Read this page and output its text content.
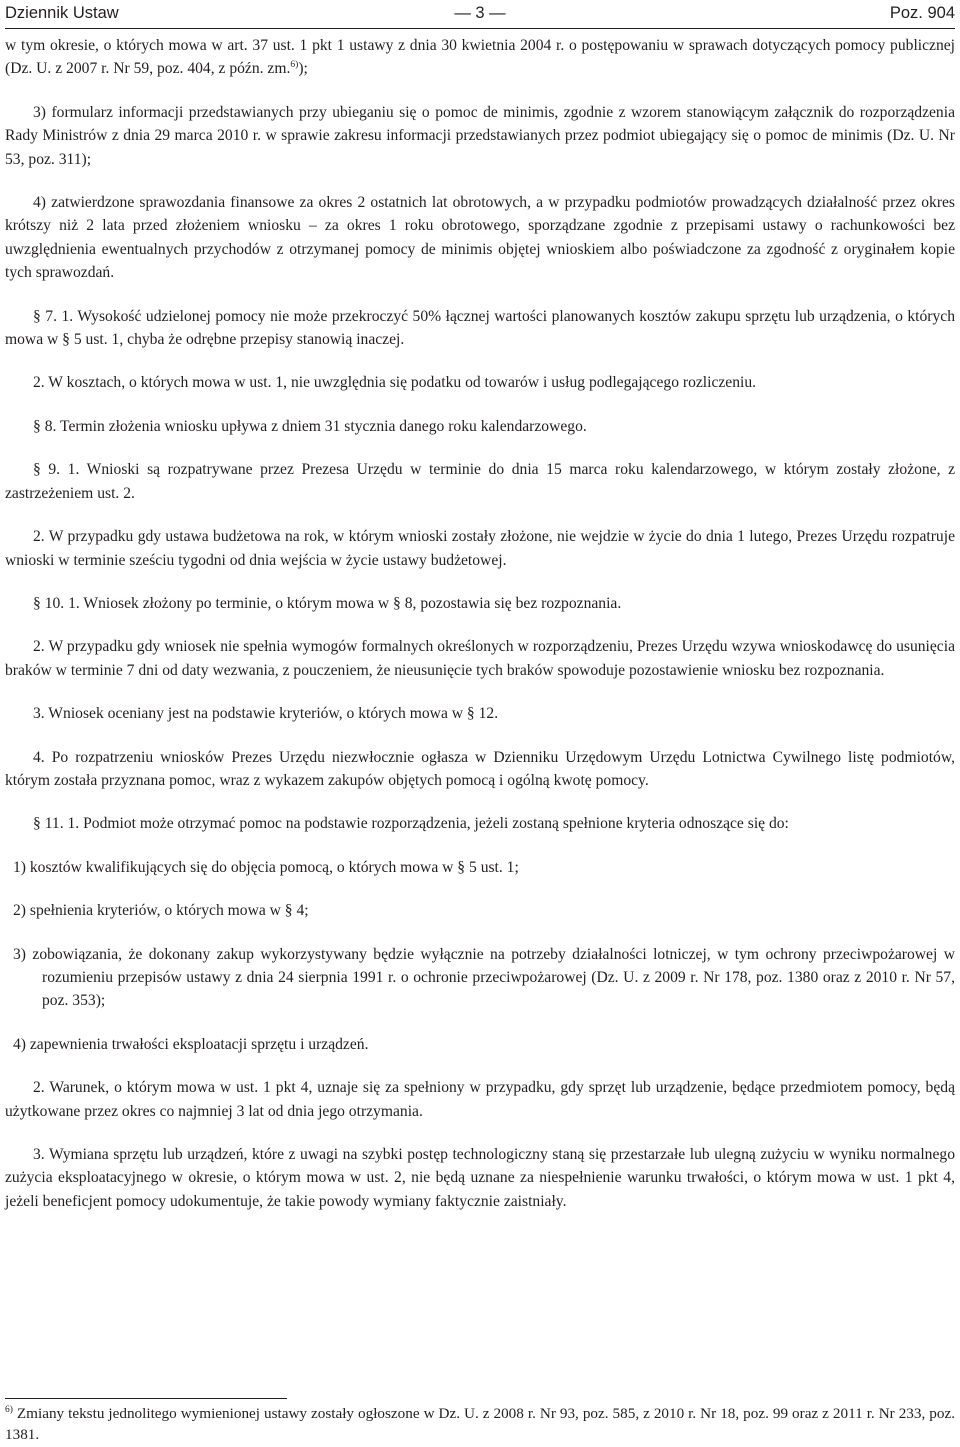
Dziennik Ustaw	— 3 —	Poz. 904

w tym okresie, o których mowa w art. 37 ust. 1 pkt 1 ustawy z dnia 30 kwietnia 2004 r. o postępowaniu w sprawach dotyczących pomocy publicznej (Dz. U. z 2007 r. Nr 59, poz. 404, z późn. zm.$^{6)}$);

3) formularz informacji przedstawianych przy ubieganiu się o pomoc de minimis, zgodnie z wzorem stanowiącym załącznik do rozporządzenia Rady Ministrów z dnia 29 marca 2010 r. w sprawie zakresu informacji przedstawianych przez podmiot ubiegający się o pomoc de minimis (Dz. U. Nr 53, poz. 311);

4) zatwierdzone sprawozdania finansowe za okres 2 ostatnich lat obrotowych, a w przypadku podmiotów prowadzących działalność przez okres krótszy niż 2 lata przed złożeniem wniosku – za okres 1 roku obrotowego, sporządzane zgodnie z przepisami ustawy o rachunkowości bez uwzględnienia ewentualnych przychodów z otrzymanej pomocy de minimis objętej wnioskiem albo poświadczone za zgodność z oryginałem kopie tych sprawozdań.

§ 7. 1. Wysokość udzielonej pomocy nie może przekroczyć 50% łącznej wartości planowanych kosztów zakupu sprzętu lub urządzenia, o których mowa w § 5 ust. 1, chyba że odrębne przepisy stanowią inaczej.

2. W kosztach, o których mowa w ust. 1, nie uwzględnia się podatku od towarów i usług podlegającego rozliczeniu.

§ 8. Termin złożenia wniosku upływa z dniem 31 stycznia danego roku kalendarzowego.

§ 9. 1. Wnioski są rozpatrywane przez Prezesa Urzędu w terminie do dnia 15 marca roku kalendarzowego, w którym zostały złożone, z zastrzeżeniem ust. 2.

2. W przypadku gdy ustawa budżetowa na rok, w którym wnioski zostały złożone, nie wejdzie w życie do dnia 1 lutego, Prezes Urzędu rozpatruje wnioski w terminie sześciu tygodni od dnia wejścia w życie ustawy budżetowej.

§ 10. 1. Wniosek złożony po terminie, o którym mowa w § 8, pozostawia się bez rozpoznania.

2. W przypadku gdy wniosek nie spełnia wymogów formalnych określonych w rozporządzeniu, Prezes Urzędu wzywa wnioskodawcę do usunięcia braków w terminie 7 dni od daty wezwania, z pouczeniem, że nieusunięcie tych braków spowoduje pozostawienie wniosku bez rozpoznania.

3. Wniosek oceniany jest na podstawie kryteriów, o których mowa w § 12.

4. Po rozpatrzeniu wniosków Prezes Urzędu niezwłocznie ogłasza w Dzienniku Urzędowym Urzędu Lotnictwa Cywilnego listę podmiotów, którym została przyznana pomoc, wraz z wykazem zakupów objętych pomocą i ogólną kwotę pomocy.

§ 11. 1. Podmiot może otrzymać pomoc na podstawie rozporządzenia, jeżeli zostaną spełnione kryteria odnoszące się do:

1) kosztów kwalifikujących się do objęcia pomocą, o których mowa w § 5 ust. 1;

2) spełnienia kryteriów, o których mowa w § 4;

3) zobowiązania, że dokonany zakup wykorzystywany będzie wyłącznie na potrzeby działalności lotniczej, w tym ochrony przeciwpożarowej w rozumieniu przepisów ustawy z dnia 24 sierpnia 1991 r. o ochronie przeciwpożarowej (Dz. U. z 2009 r. Nr 178, poz. 1380 oraz z 2010 r. Nr 57, poz. 353);

4) zapewnienia trwałości eksploatacji sprzętu i urządzeń.

2. Warunek, o którym mowa w ust. 1 pkt 4, uznaje się za spełniony w przypadku, gdy sprzęt lub urządzenie, będące przedmiotem pomocy, będą użytkowane przez okres co najmniej 3 lat od dnia jego otrzymania.

3. Wymiana sprzętu lub urządzeń, które z uwagi na szybki postęp technologiczny staną się przestarzałe lub ulegną zużyciu w wyniku normalnego zużycia eksploatacyjnego w okresie, o którym mowa w ust. 2, nie będą uznane za niespełnienie warunku trwałości, o którym mowa w ust. 1 pkt 4, jeżeli beneficjent pomocy udokumentuje, że takie powody wymiany faktycznie zaistniały.

$^{6)}$ Zmiany tekstu jednolitego wymienionej ustawy zostały ogłoszone w Dz. U. z 2008 r. Nr 93, poz. 585, z 2010 r. Nr 18, poz. 99 oraz z 2011 r. Nr 233, poz. 1381.
